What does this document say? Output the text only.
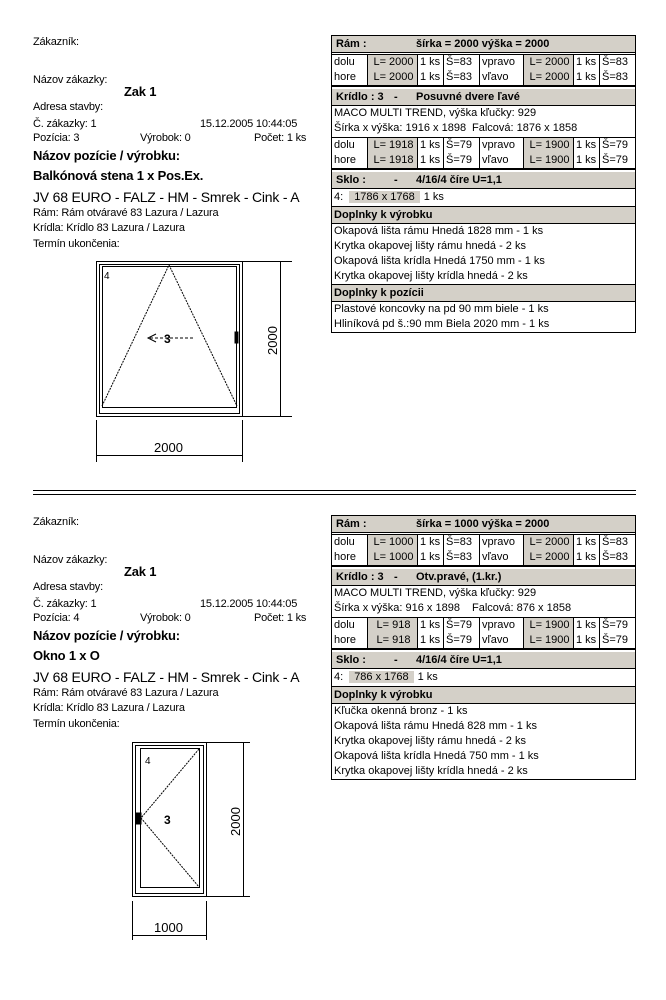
Zákazník:
Názov zákazky:
Zak 1
Adresa stavby:
Č. zákazky: 1	15.12.2005 10:44:05
Pozícia: 3	Výrobok: 0	Počet: 1 ks
Názov pozície / výrobku:
Balkónová stena 1 x Pos.Ex.
JV 68 EURO - FALZ - HM - Smrek - Cink - A
Rám: Rám otváravé 83 Lazura / Lazura
Krídla: Krídlo 83 Lazura / Lazura
Termín ukončenia:
Rám :	šírka = 2000 výška = 2000
dolu	L= 2000 1 ks Š=83 vpravo	L= 2000 1 ks Š=83
hore	L= 2000 1 ks Š=83 vľavo	L= 2000 1 ks Š=83
Krídlo : 3 - Posuvné dvere ľavé
MACO MULTI TREND, výška kľučky: 929
Šírka x výška: 1916 x 1898 Falcová: 1876 x 1858
dolu	L= 1918 1 ks Š=79 vpravo	L= 1900 1 ks Š=79
hore	L= 1918 1 ks Š=79 vľavo	L= 1900 1 ks Š=79
Sklo :	- 4/16/4 číre U=1,1
4: 1786 x 1768 1 ks
Doplnky k výrobku
Okapová lišta rámu Hnedá 1828 mm - 1 ks
Krytka okapovej lišty rámu hnedá - 2 ks
Okapová lišta krídla Hnedá 1750 mm - 1 ks
Krytka okapovej lišty krídla hnedá - 2 ks
Doplnky k pozícii
Plastové koncovky na pd 90 mm biele - 1 ks
Hliníková pd š.:90 mm Biela 2020 mm - 1 ks
Zákazník:
Názov zákazky:
Zak 1
Adresa stavby:
Č. zákazky: 1	15.12.2005 10:44:05
Pozícia: 4	Výrobok: 0	Počet: 1 ks
Názov pozície / výrobku:
Okno 1 x O
JV 68 EURO - FALZ - HM - Smrek - Cink - A
Rám: Rám otváravé 83 Lazura / Lazura
Krídla: Krídlo 83 Lazura / Lazura
Termín ukončenia:
Rám :	šírka = 1000 výška = 2000
dolu	L= 1000 1 ks Š=83 vpravo	L= 2000 1 ks Š=83
hore	L= 1000 1 ks Š=83 vľavo	L= 2000 1 ks Š=83
Krídlo : 3 - Otv.pravé, (1.kr.)
MACO MULTI TREND, výška kľučky: 929
Šírka x výška: 916 x 1898 Falcová: 876 x 1858
dolu	L= 918 1 ks Š=79 vpravo	L= 1900 1 ks Š=79
hore	L= 918 1 ks Š=79 vľavo	L= 1900 1 ks Š=79
Sklo :	- 4/16/4 číre U=1,1
4: 786 x 1768 1 ks
Doplnky k výrobku
Kľučka okenná bronz - 1 ks
Okapová lišta rámu Hnedá 828 mm - 1 ks
Krytka okapovej lišty rámu hnedá - 2 ks
Okapová lišta krídla Hnedá 750 mm - 1 ks
Krytka okapovej lišty krídla hnedá - 2 ks
4
3
2000
2000
4
3
1000
2000
